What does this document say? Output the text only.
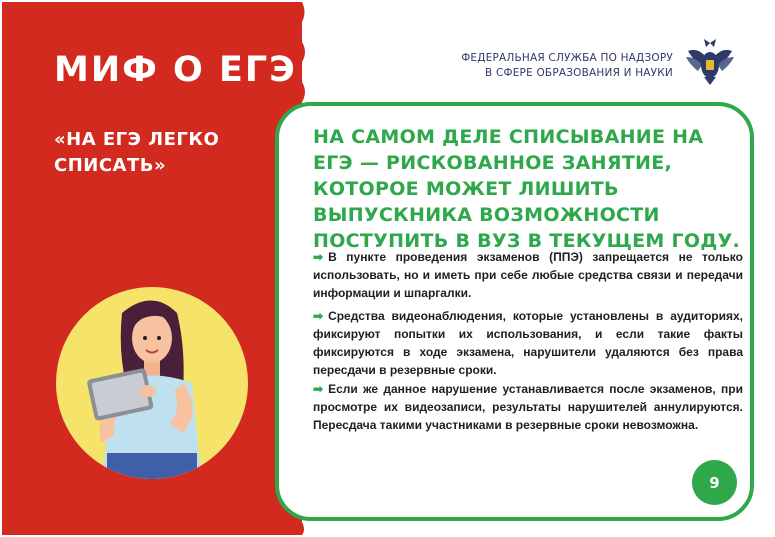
МИФ О ЕГЭ
«НА ЕГЭ ЛЕГКО СПИСАТЬ»
ФЕДЕРАЛЬНАЯ СЛУЖБА ПО НАДЗОРУ
В СФЕРЕ ОБРАЗОВАНИЯ И НАУКИ
НА САМОМ ДЕЛЕ СПИСЫВАНИЕ НА ЕГЭ — РИСКОВАННОЕ ЗАНЯТИЕ, КОТОРОЕ МОЖЕТ ЛИШИТЬ ВЫПУСКНИКА ВОЗМОЖНОСТИ ПОСТУПИТЬ В ВУЗ В ТЕКУЩЕМ ГОДУ.
➡ В пункте проведения экзаменов (ППЭ) запрещается не только использовать, но и иметь при себе любые средства связи и передачи информации и шпаргалки.
➡ Средства видеонаблюдения, которые установлены в аудиториях, фиксируют попытки их использования, и если такие факты фиксируются в ходе экзамена, нарушители удаляются без права пересдачи в резервные сроки.
➡ Если же данное нарушение устанавливается после экзаменов, при просмотре их видеозаписи, результаты нарушителей аннулируются. Пересдача такими участниками в резервные сроки невозможна.
9
